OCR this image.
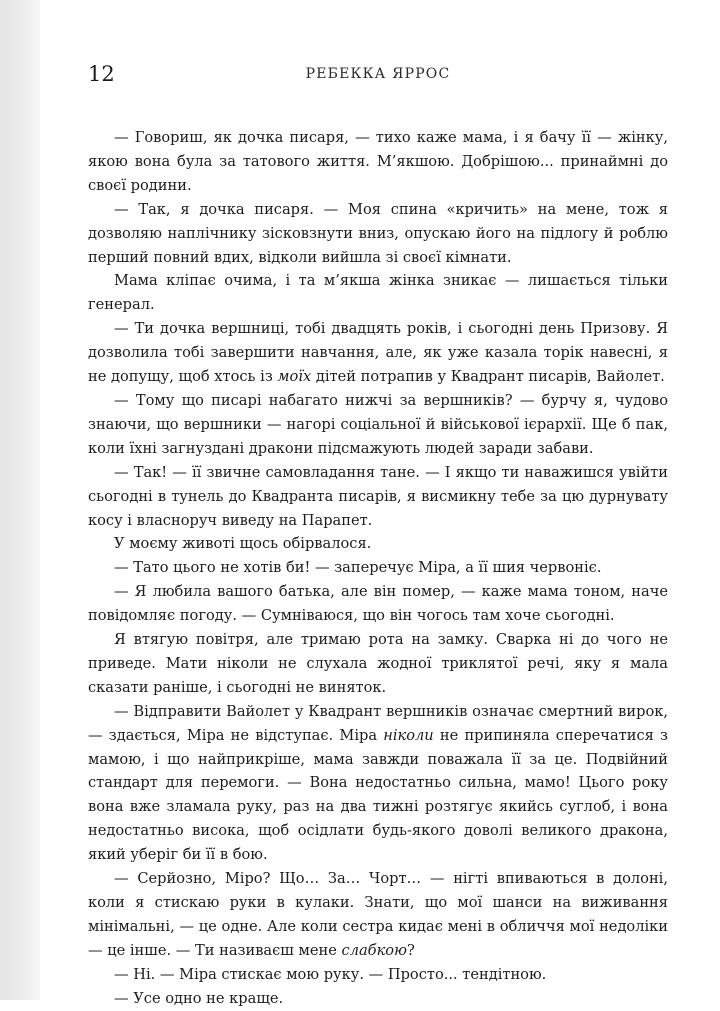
12	РЕБЕККА ЯРРОС

— Говориш, як дочка писаря, — тихо каже мама, і я бачу її — жінку, якою вона була за татового життя. М’якшою. Добрішою... принаймні до своєї родини.

— Так, я дочка писаря. — Моя спина «кричить» на мене, тож я дозволяю наплічнику зісковзнути вниз, опускаю його на підлогу й роблю перший повний вдих, відколи вийшла зі своєї кімнати.

Мама кліпає очима, і та м’якша жінка зникає — лишається тільки генерал.

— Ти дочка вершниці, тобі двадцять років, і сьогодні день Призову. Я дозволила тобі завершити навчання, але, як уже казала торік навесні, я не допущу, щоб хтось із моїх дітей потрапив у Квадрант писарів, Вайолет.

— Тому що писарі набагато нижчі за вершників? — бурчу я, чудово знаючи, що вершники — нагорі соціальної й військової ієрархії. Ще б пак, коли їхні загнуздані дракони підсмажують людей заради забави.

— Так! — її звичне самовладання тане. — І якщо ти наважишся увійти сьогодні в тунель до Квадранта писарів, я висмикну тебе за цю дурнувату косу і власноруч виведу на Парапет.

У моєму животі щось обірвалося.

— Тато цього не хотів би! — заперечує Міра, а її шия червоніє.

— Я любила вашого батька, але він помер, — каже мама тоном, наче повідомляє погоду. — Сумніваюся, що він чогось там хоче сьогодні.

Я втягую повітря, але тримаю рота на замку. Сварка ні до чого не приведе. Мати ніколи не слухала жодної триклятої речі, яку я мала сказати раніше, і сьогодні не виняток.

— Відправити Вайолет у Квадрант вершників означає смертний вирок, — здається, Міра не відступає. Міра ніколи не припиняла сперечатися з мамою, і що найприкріше, мама завжди поважала її за це. Подвійний стандарт для перемоги. — Вона недостатньо сильна, мамо! Цього року вона вже зламала руку, раз на два тижні розтягує якийсь суглоб, і вона недостатньо висока, щоб осідлати будь-якого доволі великого дракона, який уберіг би її в бою.

— Серйозно, Міро? Що… За… Чорт… — нігті впиваються в долоні, коли я стискаю руки в кулаки. Знати, що мої шанси на виживання мінімальні, — це одне. Але коли сестра кидає мені в обличчя мої недоліки — це інше. — Ти називаєш мене слабкою?

— Ні. — Міра стискає мою руку. — Просто... тендітною.

— Усе одно не краще.
